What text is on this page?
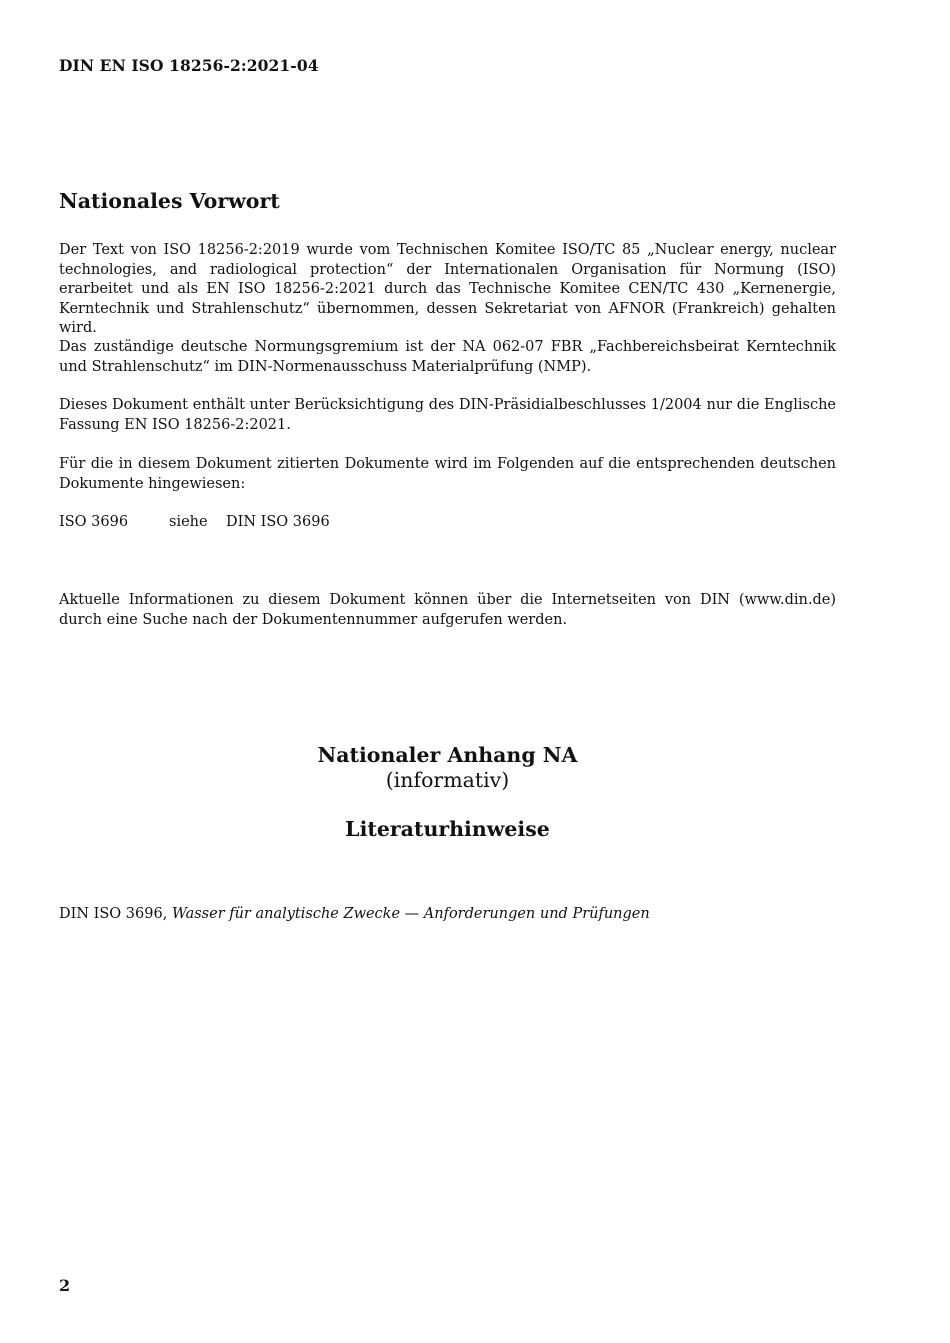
DIN EN ISO 18256-2:2021-04
Nationales Vorwort

Der Text von ISO 18256-2:2019 wurde vom Technischen Komitee ISO/TC 85 „Nuclear energy, nuclear technologies, and radiological protection“ der Internationalen Organisation für Normung (ISO) erarbeitet und als EN ISO 18256-2:2021 durch das Technische Komitee CEN/TC 430 „Kernenergie, Kerntechnik und Strahlenschutz“ übernommen, dessen Sekretariat von AFNOR (Frankreich) gehalten wird.

Das zuständige deutsche Normungsgremium ist der NA 062-07 FBR „Fachbereichsbeirat Kerntechnik und Strahlenschutz“ im DIN-Normenausschuss Materialprüfung (NMP).

Dieses Dokument enthält unter Berücksichtigung des DIN-Präsidialbeschlusses 1/2004 nur die Englische Fassung EN ISO 18256-2:2021.

Für die in diesem Dokument zitierten Dokumente wird im Folgenden auf die entsprechenden deutschen Dokumente hingewiesen:

ISO 3696	siehe DIN ISO 3696

Aktuelle Informationen zu diesem Dokument können über die Internetseiten von DIN (www.din.de) durch eine Suche nach der Dokumentennummer aufgerufen werden.

Nationaler Anhang NA
(informativ)
Literaturhinweise
DIN ISO 3696, Wasser für analytische Zwecke — Anforderungen und Prüfungen
2
